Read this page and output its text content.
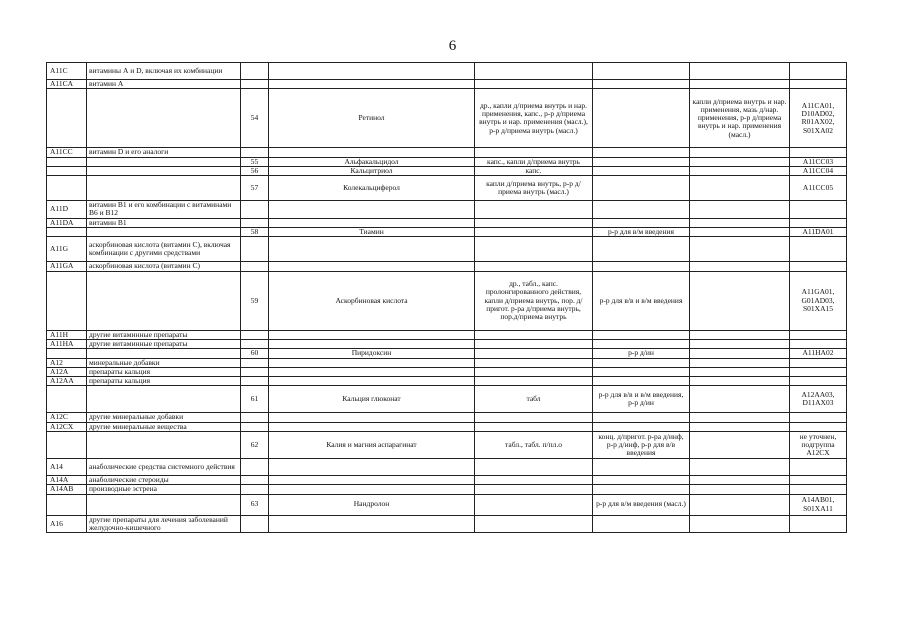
6
A11C	витамины А и D, включая их комбинации						
A11CA	витамин А						
		54	Ретинол	др., капли д/приема внутрь и нар. применения, капс., р-р д/приема внутрь и нар. применения (масл.), р-р д/приема внутрь (масл.)		капли д/приема внутрь и нар. применения, мазь д/нар. применения, р-р д/приема внутрь и нар. применения (масл.)	A11CA01, D10AD02, R01AX02, S01XA02
A11CC	витамин D и его аналоги						
		55	Альфакальцидол	капс., капли д/приема внутрь			A11CC03
		56	Кальцитриол	капс.			A11CC04
		57	Колекальциферол	капли д/приема внутрь, р-р д/приема внутрь (масл.)			A11CC05
A11D	витамин В1 и его комбинации с витаминами В6 и В12						
A11DA	витамин В1						
		58	Тиамин		р-р для в/м введения		A11DA01
A11G	аскорбиновая кислота (витамин С), включая комбинации с другими средствами						
A11GA	аскорбиновая кислота (витамин С)						
		59	Аскорбиновая кислота	др., табл., капс. пролонгированного действия, капли д/приема внутрь, пор. д/пригот. р-ра д/приема внутрь, пор.д/приема внутрь	р-р для в/в и в/м введения		A11GA01, G01AD03, S01XA15
A11H	другие витаминные препараты						
A11HA	другие витаминные препараты						
		60	Пиридоксин		р-р д/ин		A11HA02
A12	минеральные добавки						
A12A	препараты кальция						
A12AA	препараты кальция						
		61	Кальция глюконат	табл	р-р для в/в и в/м введения, р-р д/ин		A12AA03, D11AX03
A12C	другие минеральные добавки						
A12CX	другие минеральные вещества						
		62	Калия и магния аспарагинат	табл., табл. п/пл.о	конц. д/пригот. р-ра д/инф, р-р д/инф, р-р для в/в введения		не уточнен, подгруппа A12CX
A14	анаболические средства системного действия						
A14A	анаболические стероиды						
A14AB	производные эстрена						
		63	Нандролон		р-р для в/м введения (масл.)		A14AB01, S01XA11
A16	другие препараты для лечения заболеваний желудочно-кишечного						
